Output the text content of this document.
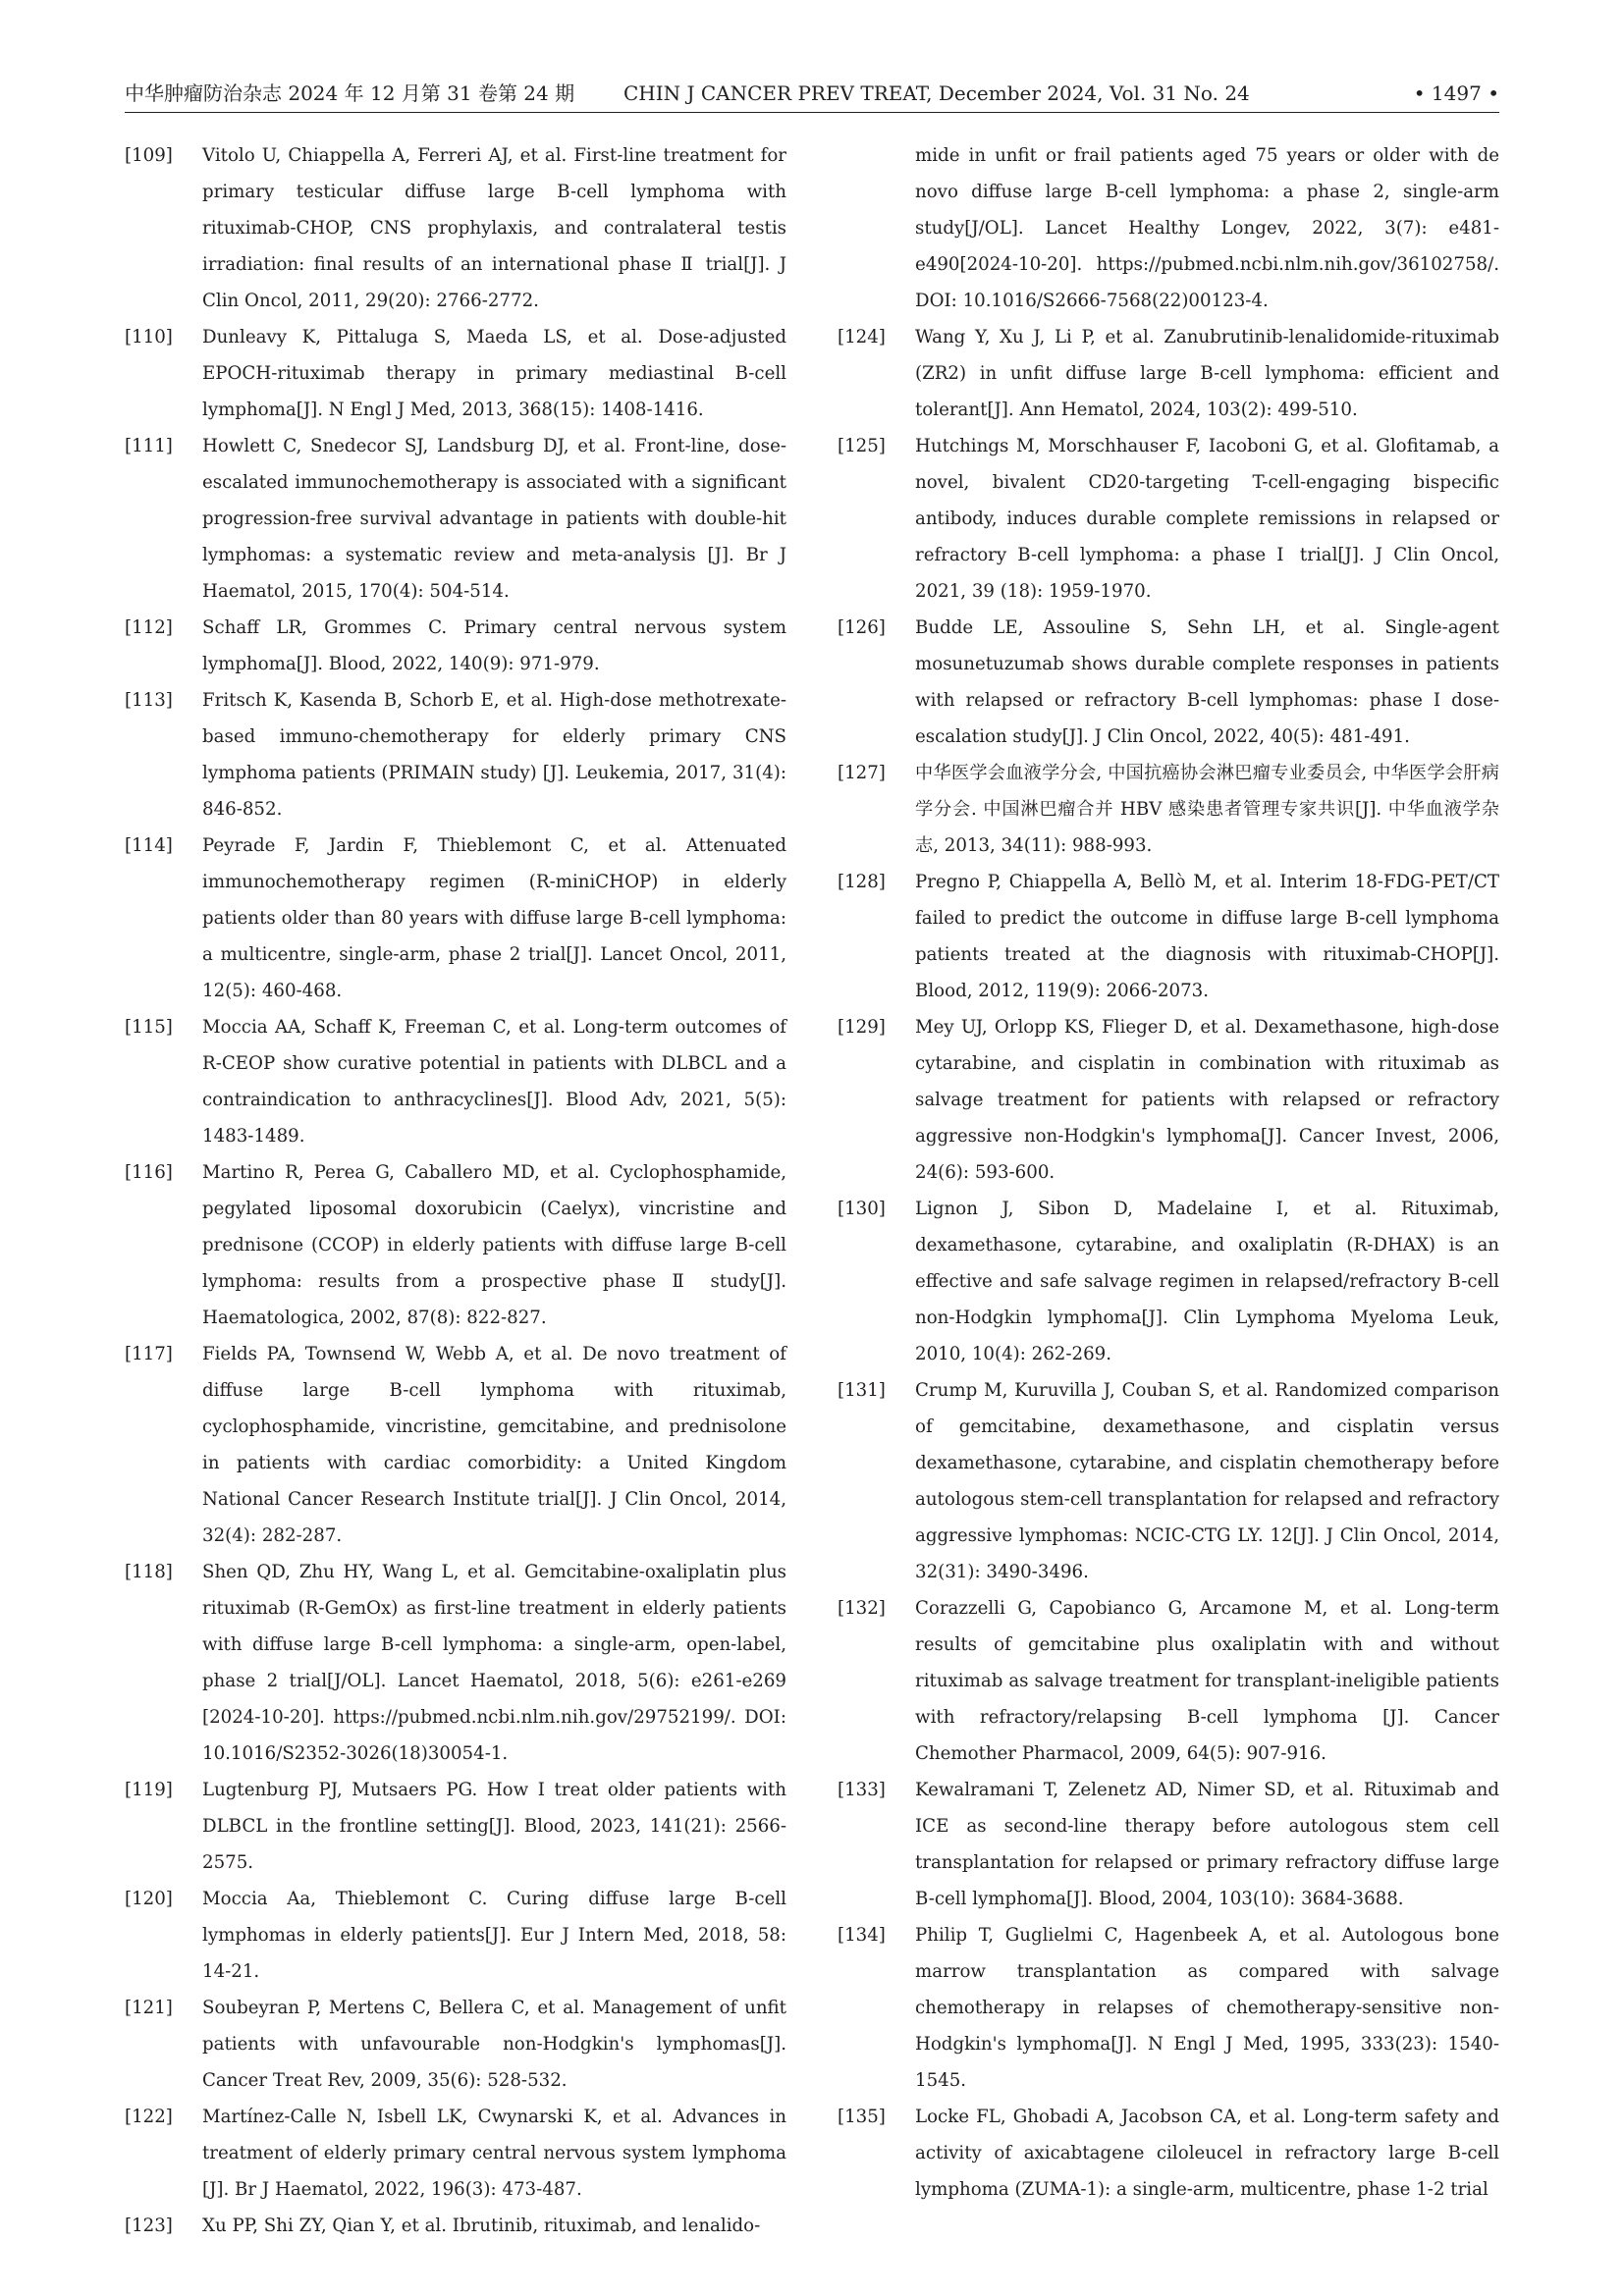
中华肿瘤防治杂志 2024 年 12 月第 31 卷第 24 期 CHIN J CANCER PREV TREAT, December 2024, Vol. 31 No. 24	• 1497 •
[109]	Vitolo U, Chiappella A, Ferreri AJ, et al. First-line treatment for primary testicular diffuse large B-cell lymphoma with rituximab-CHOP, CNS prophylaxis, and contralateral testis irradiation: final results of an international phase Ⅱ trial[J]. J Clin Oncol, 2011, 29(20): 2766-2772.
[110]	Dunleavy K, Pittaluga S, Maeda LS, et al. Dose-adjusted EPOCH-rituximab therapy in primary mediastinal B-cell lymphoma[J]. N Engl J Med, 2013, 368(15): 1408-1416.
[111]	Howlett C, Snedecor SJ, Landsburg DJ, et al. Front-line, dose-escalated immunochemotherapy is associated with a significant progression-free survival advantage in patients with double-hit lymphomas: a systematic review and meta-analysis [J]. Br J Haematol, 2015, 170(4): 504-514.
[112]	Schaff LR, Grommes C. Primary central nervous system lymphoma[J]. Blood, 2022, 140(9): 971-979.
[113]	Fritsch K, Kasenda B, Schorb E, et al. High-dose methotrexate-based immuno-chemotherapy for elderly primary CNS lymphoma patients (PRIMAIN study) [J]. Leukemia, 2017, 31(4): 846-852.
[114]	Peyrade F, Jardin F, Thieblemont C, et al. Attenuated immunochemotherapy regimen (R-miniCHOP) in elderly patients older than 80 years with diffuse large B-cell lymphoma: a multicentre, single-arm, phase 2 trial[J]. Lancet Oncol, 2011, 12(5): 460-468.
[115]	Moccia AA, Schaff K, Freeman C, et al. Long-term outcomes of R-CEOP show curative potential in patients with DLBCL and a contraindication to anthracyclines[J]. Blood Adv, 2021, 5(5): 1483-1489.
[116]	Martino R, Perea G, Caballero MD, et al. Cyclophosphamide, pegylated liposomal doxorubicin (Caelyx), vincristine and prednisone (CCOP) in elderly patients with diffuse large B-cell lymphoma: results from a prospective phase Ⅱ study[J]. Haematologica, 2002, 87(8): 822-827.
[117]	Fields PA, Townsend W, Webb A, et al. De novo treatment of diffuse large B-cell lymphoma with rituximab, cyclophosphamide, vincristine, gemcitabine, and prednisolone in patients with cardiac comorbidity: a United Kingdom National Cancer Research Institute trial[J]. J Clin Oncol, 2014, 32(4): 282-287.
[118]	Shen QD, Zhu HY, Wang L, et al. Gemcitabine-oxaliplatin plus rituximab (R-GemOx) as first-line treatment in elderly patients with diffuse large B-cell lymphoma: a single-arm, open-label, phase 2 trial[J/OL]. Lancet Haematol, 2018, 5(6): e261-e269 [2024-10-20]. https://pubmed.ncbi.nlm.nih.gov/29752199/. DOI: 10.1016/S2352-3026(18)30054-1.
[119]	Lugtenburg PJ, Mutsaers PG. How I treat older patients with DLBCL in the frontline setting[J]. Blood, 2023, 141(21): 2566-2575.
[120]	Moccia Aa, Thieblemont C. Curing diffuse large B-cell lymphomas in elderly patients[J]. Eur J Intern Med, 2018, 58: 14-21.
[121]	Soubeyran P, Mertens C, Bellera C, et al. Management of unfit patients with unfavourable non-Hodgkin's lymphomas[J]. Cancer Treat Rev, 2009, 35(6): 528-532.
[122]	Martínez-Calle N, Isbell LK, Cwynarski K, et al. Advances in treatment of elderly primary central nervous system lymphoma [J]. Br J Haematol, 2022, 196(3): 473-487.
[123]	Xu PP, Shi ZY, Qian Y, et al. Ibrutinib, rituximab, and lenalido-
mide in unfit or frail patients aged 75 years or older with de novo diffuse large B-cell lymphoma: a phase 2, single-arm study[J/OL]. Lancet Healthy Longev, 2022, 3(7): e481-e490[2024-10-20]. https://pubmed.ncbi.nlm.nih.gov/36102758/. DOI: 10.1016/S2666-7568(22)00123-4.
[124]	Wang Y, Xu J, Li P, et al. Zanubrutinib-lenalidomide-rituximab (ZR2) in unfit diffuse large B-cell lymphoma: efficient and tolerant[J]. Ann Hematol, 2024, 103(2): 499-510.
[125]	Hutchings M, Morschhauser F, Iacoboni G, et al. Glofitamab, a novel, bivalent CD20-targeting T-cell-engaging bispecific antibody, induces durable complete remissions in relapsed or refractory B-cell lymphoma: a phase Ⅰ trial[J]. J Clin Oncol, 2021, 39 (18): 1959-1970.
[126]	Budde LE, Assouline S, Sehn LH, et al. Single-agent mosunetuzumab shows durable complete responses in patients with relapsed or refractory B-cell lymphomas: phase I dose-escalation study[J]. J Clin Oncol, 2022, 40(5): 481-491.
[127]	中华医学会血液学分会, 中国抗癌协会淋巴瘤专业委员会, 中华医学会肝病学分会. 中国淋巴瘤合并 HBV 感染患者管理专家共识[J]. 中华血液学杂志, 2013, 34(11): 988-993.
[128]	Pregno P, Chiappella A, Bellò M, et al. Interim 18-FDG-PET/CT failed to predict the outcome in diffuse large B-cell lymphoma patients treated at the diagnosis with rituximab-CHOP[J]. Blood, 2012, 119(9): 2066-2073.
[129]	Mey UJ, Orlopp KS, Flieger D, et al. Dexamethasone, high-dose cytarabine, and cisplatin in combination with rituximab as salvage treatment for patients with relapsed or refractory aggressive non-Hodgkin's lymphoma[J]. Cancer Invest, 2006, 24(6): 593-600.
[130]	Lignon J, Sibon D, Madelaine I, et al. Rituximab, dexamethasone, cytarabine, and oxaliplatin (R-DHAX) is an effective and safe salvage regimen in relapsed/refractory B-cell non-Hodgkin lymphoma[J]. Clin Lymphoma Myeloma Leuk, 2010, 10(4): 262-269.
[131]	Crump M, Kuruvilla J, Couban S, et al. Randomized comparison of gemcitabine, dexamethasone, and cisplatin versus dexamethasone, cytarabine, and cisplatin chemotherapy before autologous stem-cell transplantation for relapsed and refractory aggressive lymphomas: NCIC-CTG LY. 12[J]. J Clin Oncol, 2014, 32(31): 3490-3496.
[132]	Corazzelli G, Capobianco G, Arcamone M, et al. Long-term results of gemcitabine plus oxaliplatin with and without rituximab as salvage treatment for transplant-ineligible patients with refractory/relapsing B-cell lymphoma [J]. Cancer Chemother Pharmacol, 2009, 64(5): 907-916.
[133]	Kewalramani T, Zelenetz AD, Nimer SD, et al. Rituximab and ICE as second-line therapy before autologous stem cell transplantation for relapsed or primary refractory diffuse large B-cell lymphoma[J]. Blood, 2004, 103(10): 3684-3688.
[134]	Philip T, Guglielmi C, Hagenbeek A, et al. Autologous bone marrow transplantation as compared with salvage chemotherapy in relapses of chemotherapy-sensitive non-Hodgkin's lymphoma[J]. N Engl J Med, 1995, 333(23): 1540-1545.
[135]	Locke FL, Ghobadi A, Jacobson CA, et al. Long-term safety and activity of axicabtagene ciloleucel in refractory large B-cell lymphoma (ZUMA-1): a single-arm, multicentre, phase 1-2 trial
